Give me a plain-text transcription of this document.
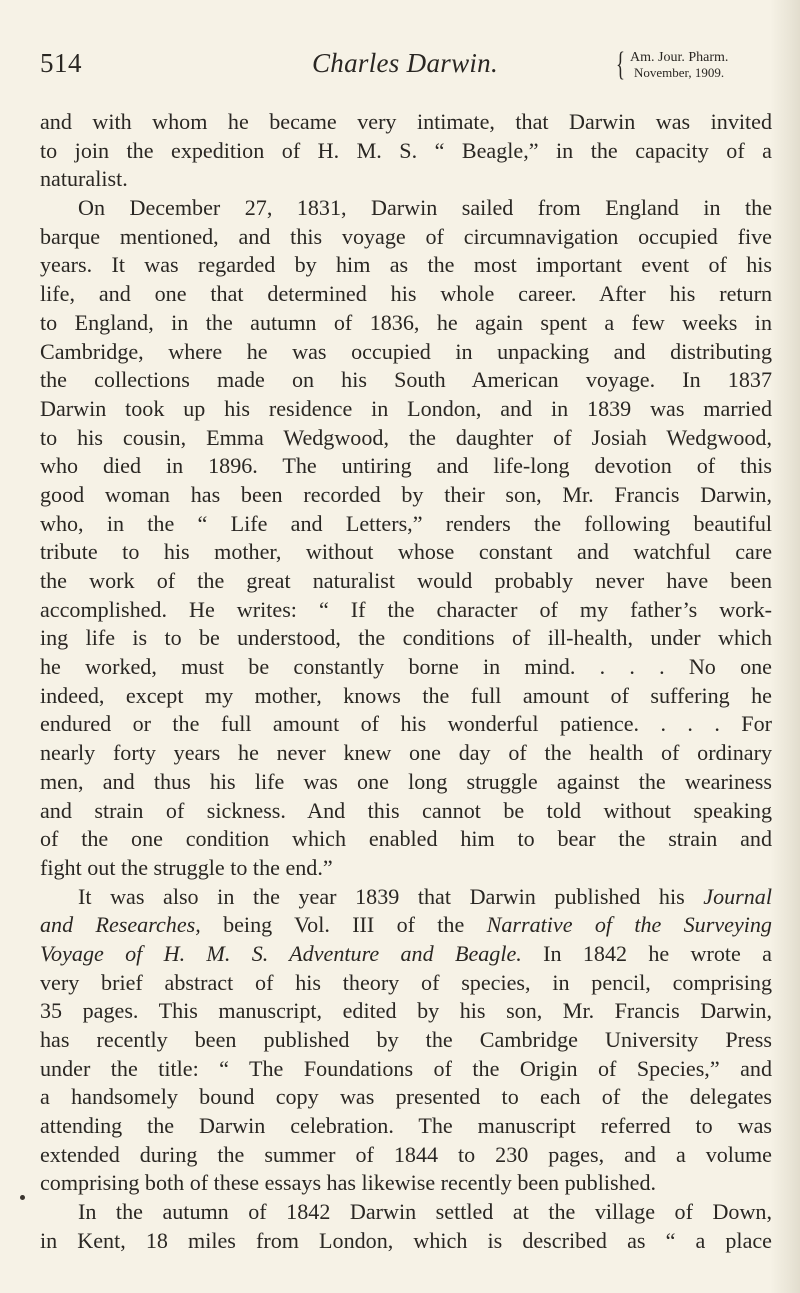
514	Charles Darwin.	{ Am. Jour. Pharm.
November, 1909.
and with whom he became very intimate, that Darwin was invited
to join the expedition of H. M. S. “ Beagle,” in the capacity of a
naturalist.
On December 27, 1831, Darwin sailed from England in the
barque mentioned, and this voyage of circumnavigation occupied five
years. It was regarded by him as the most important event of his
life, and one that determined his whole career. After his return
to England, in the autumn of 1836, he again spent a few weeks in
Cambridge, where he was occupied in unpacking and distributing
the collections made on his South American voyage. In 1837
Darwin took up his residence in London, and in 1839 was married
to his cousin, Emma Wedgwood, the daughter of Josiah Wedgwood,
who died in 1896. The untiring and life-long devotion of this
good woman has been recorded by their son, Mr. Francis Darwin,
who, in the “ Life and Letters,” renders the following beautiful
tribute to his mother, without whose constant and watchful care
the work of the great naturalist would probably never have been
accomplished. He writes: “ If the character of my father’s work-
ing life is to be understood, the conditions of ill-health, under which
he worked, must be constantly borne in mind. . . . No one
indeed, except my mother, knows the full amount of suffering he
endured or the full amount of his wonderful patience. . . . For
nearly forty years he never knew one day of the health of ordinary
men, and thus his life was one long struggle against the weariness
and strain of sickness. And this cannot be told without speaking
of the one condition which enabled him to bear the strain and
fight out the struggle to the end.”
It was also in the year 1839 that Darwin published his Journal
and Researches, being Vol. III of the Narrative of the Surveying
Voyage of H. M. S. Adventure and Beagle. In 1842 he wrote a
very brief abstract of his theory of species, in pencil, comprising
35 pages. This manuscript, edited by his son, Mr. Francis Darwin,
has recently been published by the Cambridge University Press
under the title: “ The Foundations of the Origin of Species,” and
a handsomely bound copy was presented to each of the delegates
attending the Darwin celebration. The manuscript referred to was
extended during the summer of 1844 to 230 pages, and a volume
comprising both of these essays has likewise recently been published.
In the autumn of 1842 Darwin settled at the village of Down,
in Kent, 18 miles from London, which is described as “ a place
